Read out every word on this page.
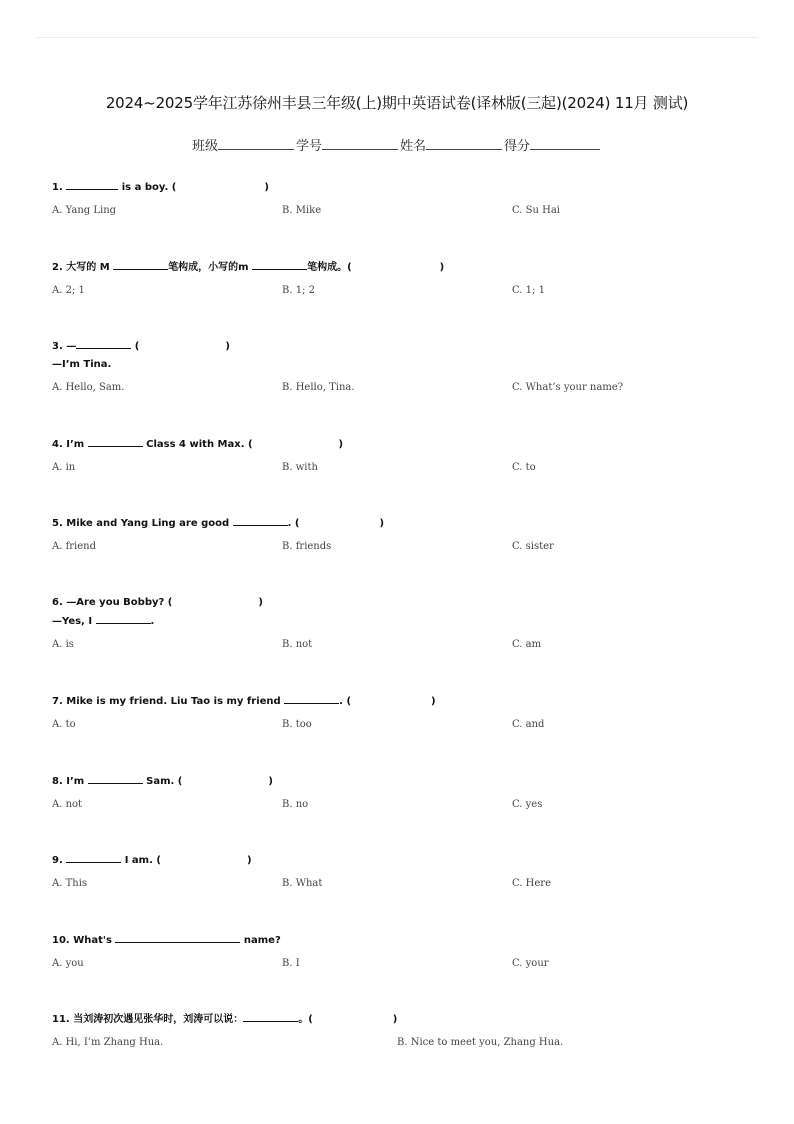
2024~2025学年江苏徐州丰县三年级(上)期中英语试卷(译林版(三起)(2024) 11月 测试)
班级	学号	姓名	得分
1.	is a boy. (	)
A. Yang Ling	B. Mike	C. Su Hai
2. 大写的 M	笔构成，小写的m	笔构成。(	)
A. 2; 1	B. 1; 2	C. 1; 1
3. —	(	)
—I’m Tina.
A. Hello, Sam.	B. Hello, Tina.	C. What’s your name?
4. I’m	Class 4 with Max. (	)
A. in	B. with	C. to
5. Mike and Yang Ling are good	. (	)
A. friend	B. friends	C. sister
6. —Are you Bobby? (	)
—Yes, I	.
A. is	B. not	C. am
7. Mike is my friend. Liu Tao is my friend	. (	)
A. to	B. too	C. and
8. I’m	Sam. (	)
A. not	B. no	C. yes
9.	I am. (	)
A. This	B. What	C. Here
10. What's	name?
A. you	B. I	C. your
11. 当刘涛初次遇见张华时，刘涛可以说：	。(	)
A. Hi, I’m Zhang Hua.	B. Nice to meet you, Zhang Hua.
